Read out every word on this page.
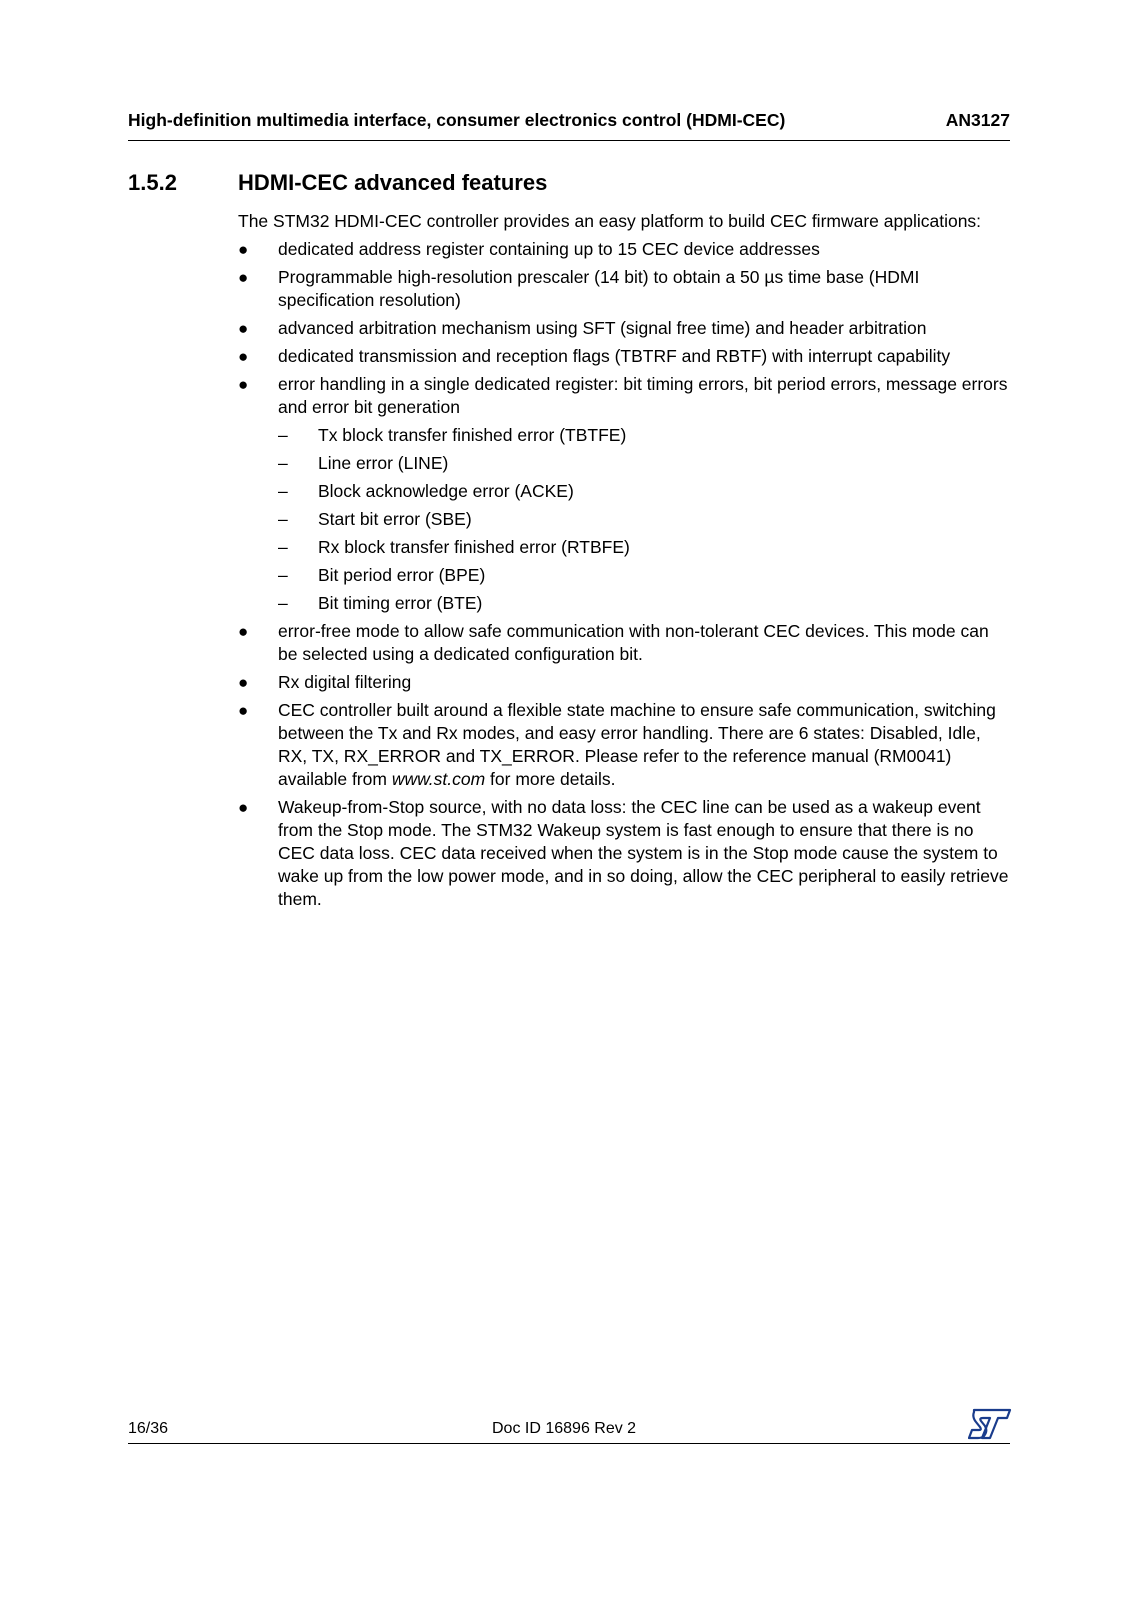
High-definition multimedia interface, consumer electronics control (HDMI-CEC)	AN3127
1.5.2	HDMI-CEC advanced features

The STM32 HDMI-CEC controller provides an easy platform to build CEC firmware applications:

● dedicated address register containing up to 15 CEC device addresses
● Programmable high-resolution prescaler (14 bit) to obtain a 50 µs time base (HDMI specification resolution)
● advanced arbitration mechanism using SFT (signal free time) and header arbitration
● dedicated transmission and reception flags (TBTRF and RBTF) with interrupt capability
● error handling in a single dedicated register: bit timing errors, bit period errors, message errors and error bit generation
– Tx block transfer finished error (TBTFE)
– Line error (LINE)
– Block acknowledge error (ACKE)
– Start bit error (SBE)
– Rx block transfer finished error (RTBFE)
– Bit period error (BPE)
– Bit timing error (BTE)
● error-free mode to allow safe communication with non-tolerant CEC devices. This mode can be selected using a dedicated configuration bit.
● Rx digital filtering
● CEC controller built around a flexible state machine to ensure safe communication, switching between the Tx and Rx modes, and easy error handling. There are 6 states: Disabled, Idle, RX, TX, RX_ERROR and TX_ERROR. Please refer to the reference manual (RM0041) available from www.st.com for more details.
● Wakeup-from-Stop source, with no data loss: the CEC line can be used as a wakeup event from the Stop mode. The STM32 Wakeup system is fast enough to ensure that there is no CEC data loss. CEC data received when the system is in the Stop mode cause the system to wake up from the low power mode, and in so doing, allow the CEC peripheral to easily retrieve them.
16/36	Doc ID 16896 Rev 2
